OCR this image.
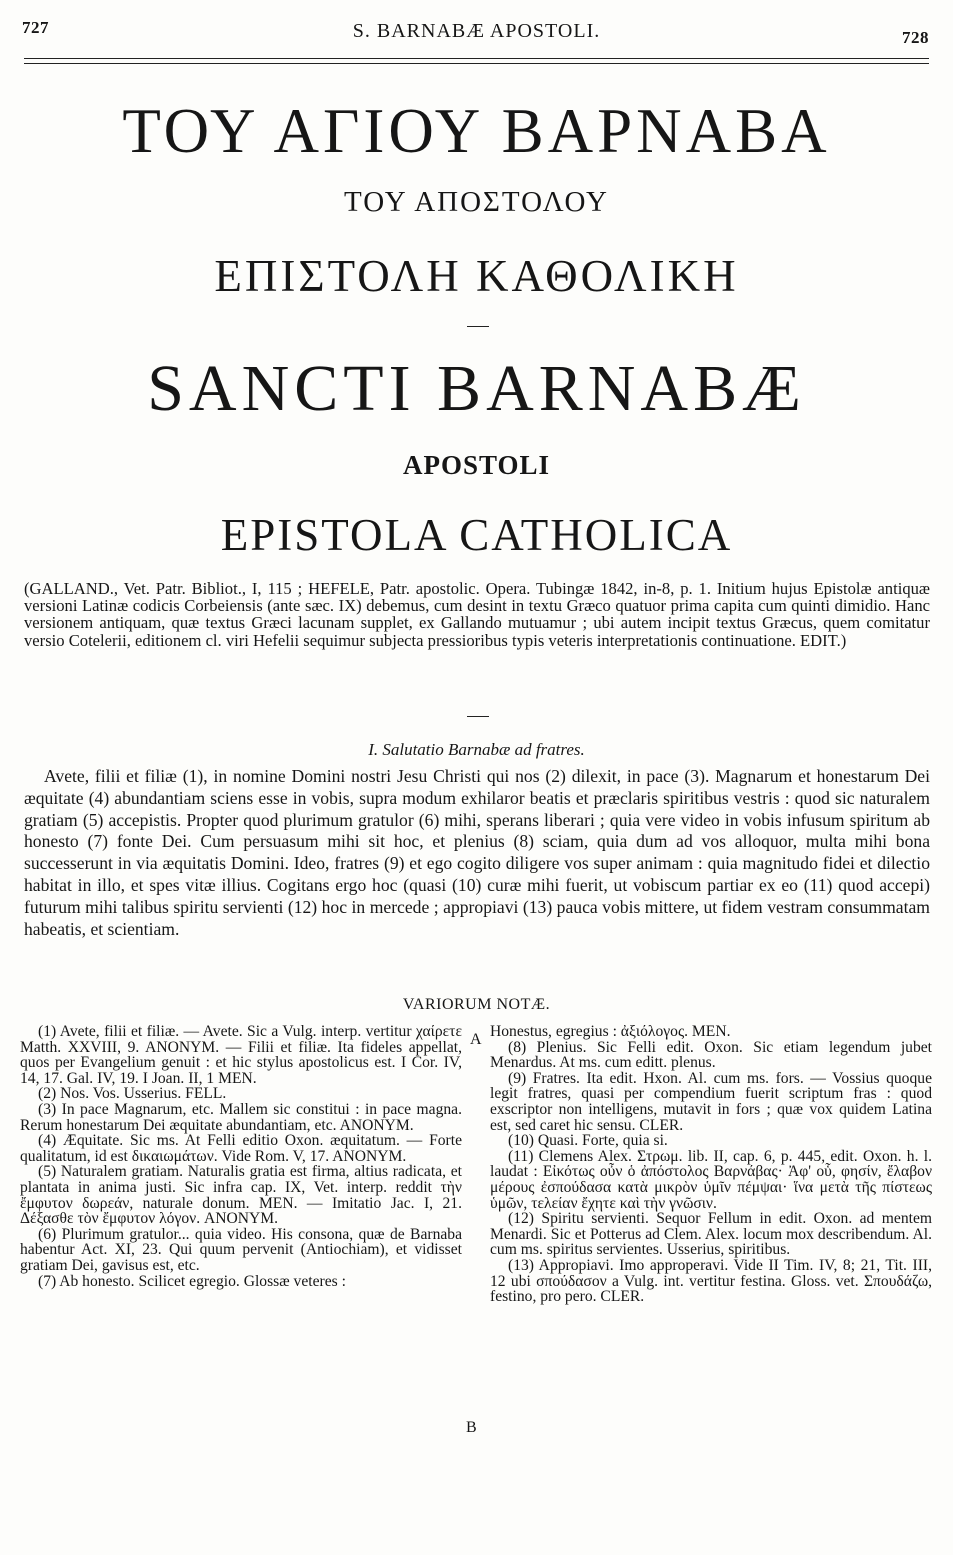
727	S. BARNABÆ APOSTOLI.	728
ΤΟΥ ΑΓΙΟΥ ΒΑΡΝΑΒΑ
ΤΟΥ ΑΠΟΣΤΟΛΟΥ
ΕΠΙΣΤΟΛΗ ΚΑΘΟΛΙΚΗ
SANCTI BARNABÆ
APOSTOLI
EPISTOLA CATHOLICA
(GALLAND., Vet. Patr. Bibliot., I, 115 ; HEFELE, Patr. apostolic. Opera. Tubingæ 1842, in-8, p. 1. Initium hujus Epistolæ antiquæ versioni Latinæ codicis Corbeiensis (ante sæc. IX) debemus, cum desint in textu Græco quatuor prima capita cum quinti dimidio. Hanc versionem antiquam, quæ textus Græci lacunam supplet, ex Gallando mutuamur ; ubi autem incipit textus Græcus, quem comitatur versio Cotelerii, editionem cl. viri Hefelii sequimur subjecta pressioribus typis veteris interpretationis continuatione. EDIT.)
I. Salutatio Barnabæ ad fratres.
Avete, filii et filiæ (1), in nomine Domini nostri Jesu Christi qui nos (2) dilexit, in pace (3). Magnarum et honestarum Dei æquitate (4) abundantiam sciens esse in vobis, supra modum exhilaror beatis et præclaris spiritibus vestris : quod sic naturalem gratiam (5) accepistis. Propter quod plurimum gratulor (6) mihi, sperans liberari ; quia vere video in vobis infusum spiritum ab honesto (7) fonte Dei. Cum persuasum mihi sit hoc, et plenius (8) sciam, quia dum ad vos alloquor, multa mihi bona successerunt in via æquitatis Domini. Ideo, fratres (9) et ego cogito diligere vos super animam : quia magnitudo fidei et dilectio habitat in illo, et spes vitæ illius. Cogitans ergo hoc (quasi (10) curæ mihi fuerit, ut vobiscum partiar ex eo (11) quod accepi) futurum mihi talibus spiritu servienti (12) hoc in mercede ; appropiavi (13) pauca vobis mittere, ut fidem vestram consummatam habeatis, et scientiam.
VARIORUM NOTÆ.

(1) Avete, filii et filiæ. — Avete. Sic a Vulg. interp. vertitur χαίρετε Matth. XXVIII, 9. ANONYM. — Filii et filiæ. Ita fideles appellat, quos per Evangelium genuit : et hic stylus apostolicus est. I Cor. IV, 14, 17. Gal. IV, 19. I Joan. II, 1 MEN.

(2) Nos. Vos. Usserius. FELL.

(3) In pace Magnarum, etc. Mallem sic constitui : in pace magna. Rerum honestarum Dei æquitate abundantiam, etc. ANONYM.

(4) Æquitate. Sic ms. At Felli editio Oxon. æquitatum. — Forte qualitatum, id est δικαιωμάτων. Vide Rom. V, 17. ANONYM.

(5) Naturalem gratiam. Naturalis gratia est firma, altius radicata, et plantata in anima justi. Sic infra cap. IX, Vet. interp. reddit τὴν ἔμφυτον δωρεάν, naturale donum. MEN. — Imitatio Jac. I, 21. Δέξασθε τὸν ἔμφυτον λόγον. ANONYM.

(6) Plurimum gratulor... quia video. His consona, quæ de Barnaba habentur Act. XI, 23. Qui quum pervenit (Antiochiam), et vidisset gratiam Dei, gavisus est, etc.

(7) Ab honesto. Scilicet egregio. Glossæ veteres :

Honestus, egregius : ἀξιόλογος. MEN.

(8) Plenius. Sic Felli edit. Oxon. Sic etiam legendum jubet Menardus. At ms. cum editt. plenus.

(9) Fratres. Ita edit. Hxon. Al. cum ms. fors. — Vossius quoque legit fratres, quasi per compendium fuerit scriptum fras : quod exscriptor non intelligens, mutavit in fors ; quæ vox quidem Latina est, sed caret hic sensu. CLER.

(10) Quasi. Forte, quia si.

(11) Clemens Alex. Στρωμ. lib. II, cap. 6, p. 445, edit. Oxon. h. l. laudat : Εἰκότως οὖν ὁ ἀπόστολος Βαρνάβας· Ἀφ' οὗ, φησίν, ἔλαβον μέρους ἐσπούδασα κατὰ μικρὸν ὑμῖν πέμψαι· ἵνα μετὰ τῆς πίστεως ὑμῶν, τελείαν ἔχητε καὶ τὴν γνῶσιν.

(12) Spiritu servienti. Sequor Fellum in edit. Oxon. ad mentem Menardi. Sic et Potterus ad Clem. Alex. locum mox describendum. Al. cum ms. spiritus servientes. Usserius, spiritibus.

(13) Appropiavi. Imo approperavi. Vide II Tim. IV, 8; 21, Tit. III, 12 ubi σπούδασον a Vulg. int. vertitur festina. Gloss. vet. Σπουδάζω, festino, pro pero. CLER.

A
B
